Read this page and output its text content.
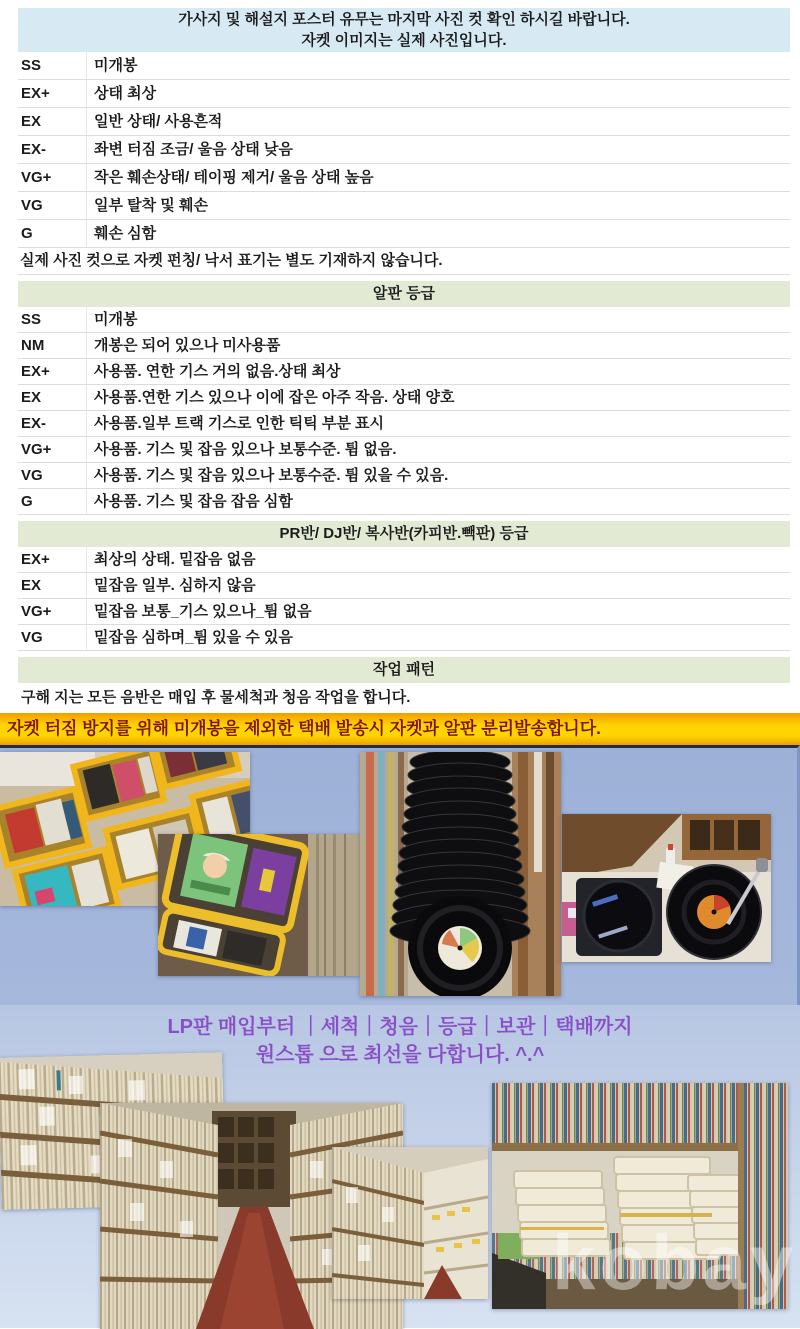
가사지 및 해설지 포스터 유무는 마지막 사진 컷 확인 하시길 바랍니다.
자켓 이미지는 실제 사진입니다.
SS	미개봉
EX+	상태 최상
EX	일반 상태/ 사용흔적
EX-	좌변 터짐 조금/ 울음 상태 낮음
VG+	작은 훼손상태/ 테이핑 제거/ 울음 상태 높음
VG	일부 탈착 및 훼손
G	훼손 심함
실제 사진 컷으로 자켓 펀칭/ 낙서 표기는 별도 기재하지 않습니다.
알판 등급
SS	미개봉
NM	개봉은 되어 있으나 미사용품
EX+	사용품. 연한 기스 거의 없음.상태 최상
EX	사용품.연한 기스 있으나 이에 잡은 아주 작음. 상태 양호
EX-	사용품.일부 트랙 기스로 인한 틱틱 부분 표시
VG+	사용품. 기스 및 잡음 있으나 보통수준. 튐 없음.
VG	사용품. 기스 및 잡음 있으나 보통수준. 튐 있을 수 있음.
G	사용품. 기스 및 잡음 잡음 심함
PR반/ DJ반/ 복사반(카피반.빽판) 등급
EX+	최상의 상태. 밑잡음 없음
EX	밑잡음 일부. 심하지 않음
VG+	밑잡음 보통_기스 있으나_튐 없음
VG	밑잡음 심하며_튐 있을 수 있음
작업 패턴
구해 지는 모든 음반은 매입 후 물세척과 청음 작업을 합니다.
자켓 터짐 방지를 위해 미개봉을 제외한 택배 발송시 자켓과 알판 분리발송합니다.
LP판 매입부터 ｜세척｜청음｜등급｜보관｜택배까지
원스톱 으로 최선을 다합니다. ^.^
kobay
